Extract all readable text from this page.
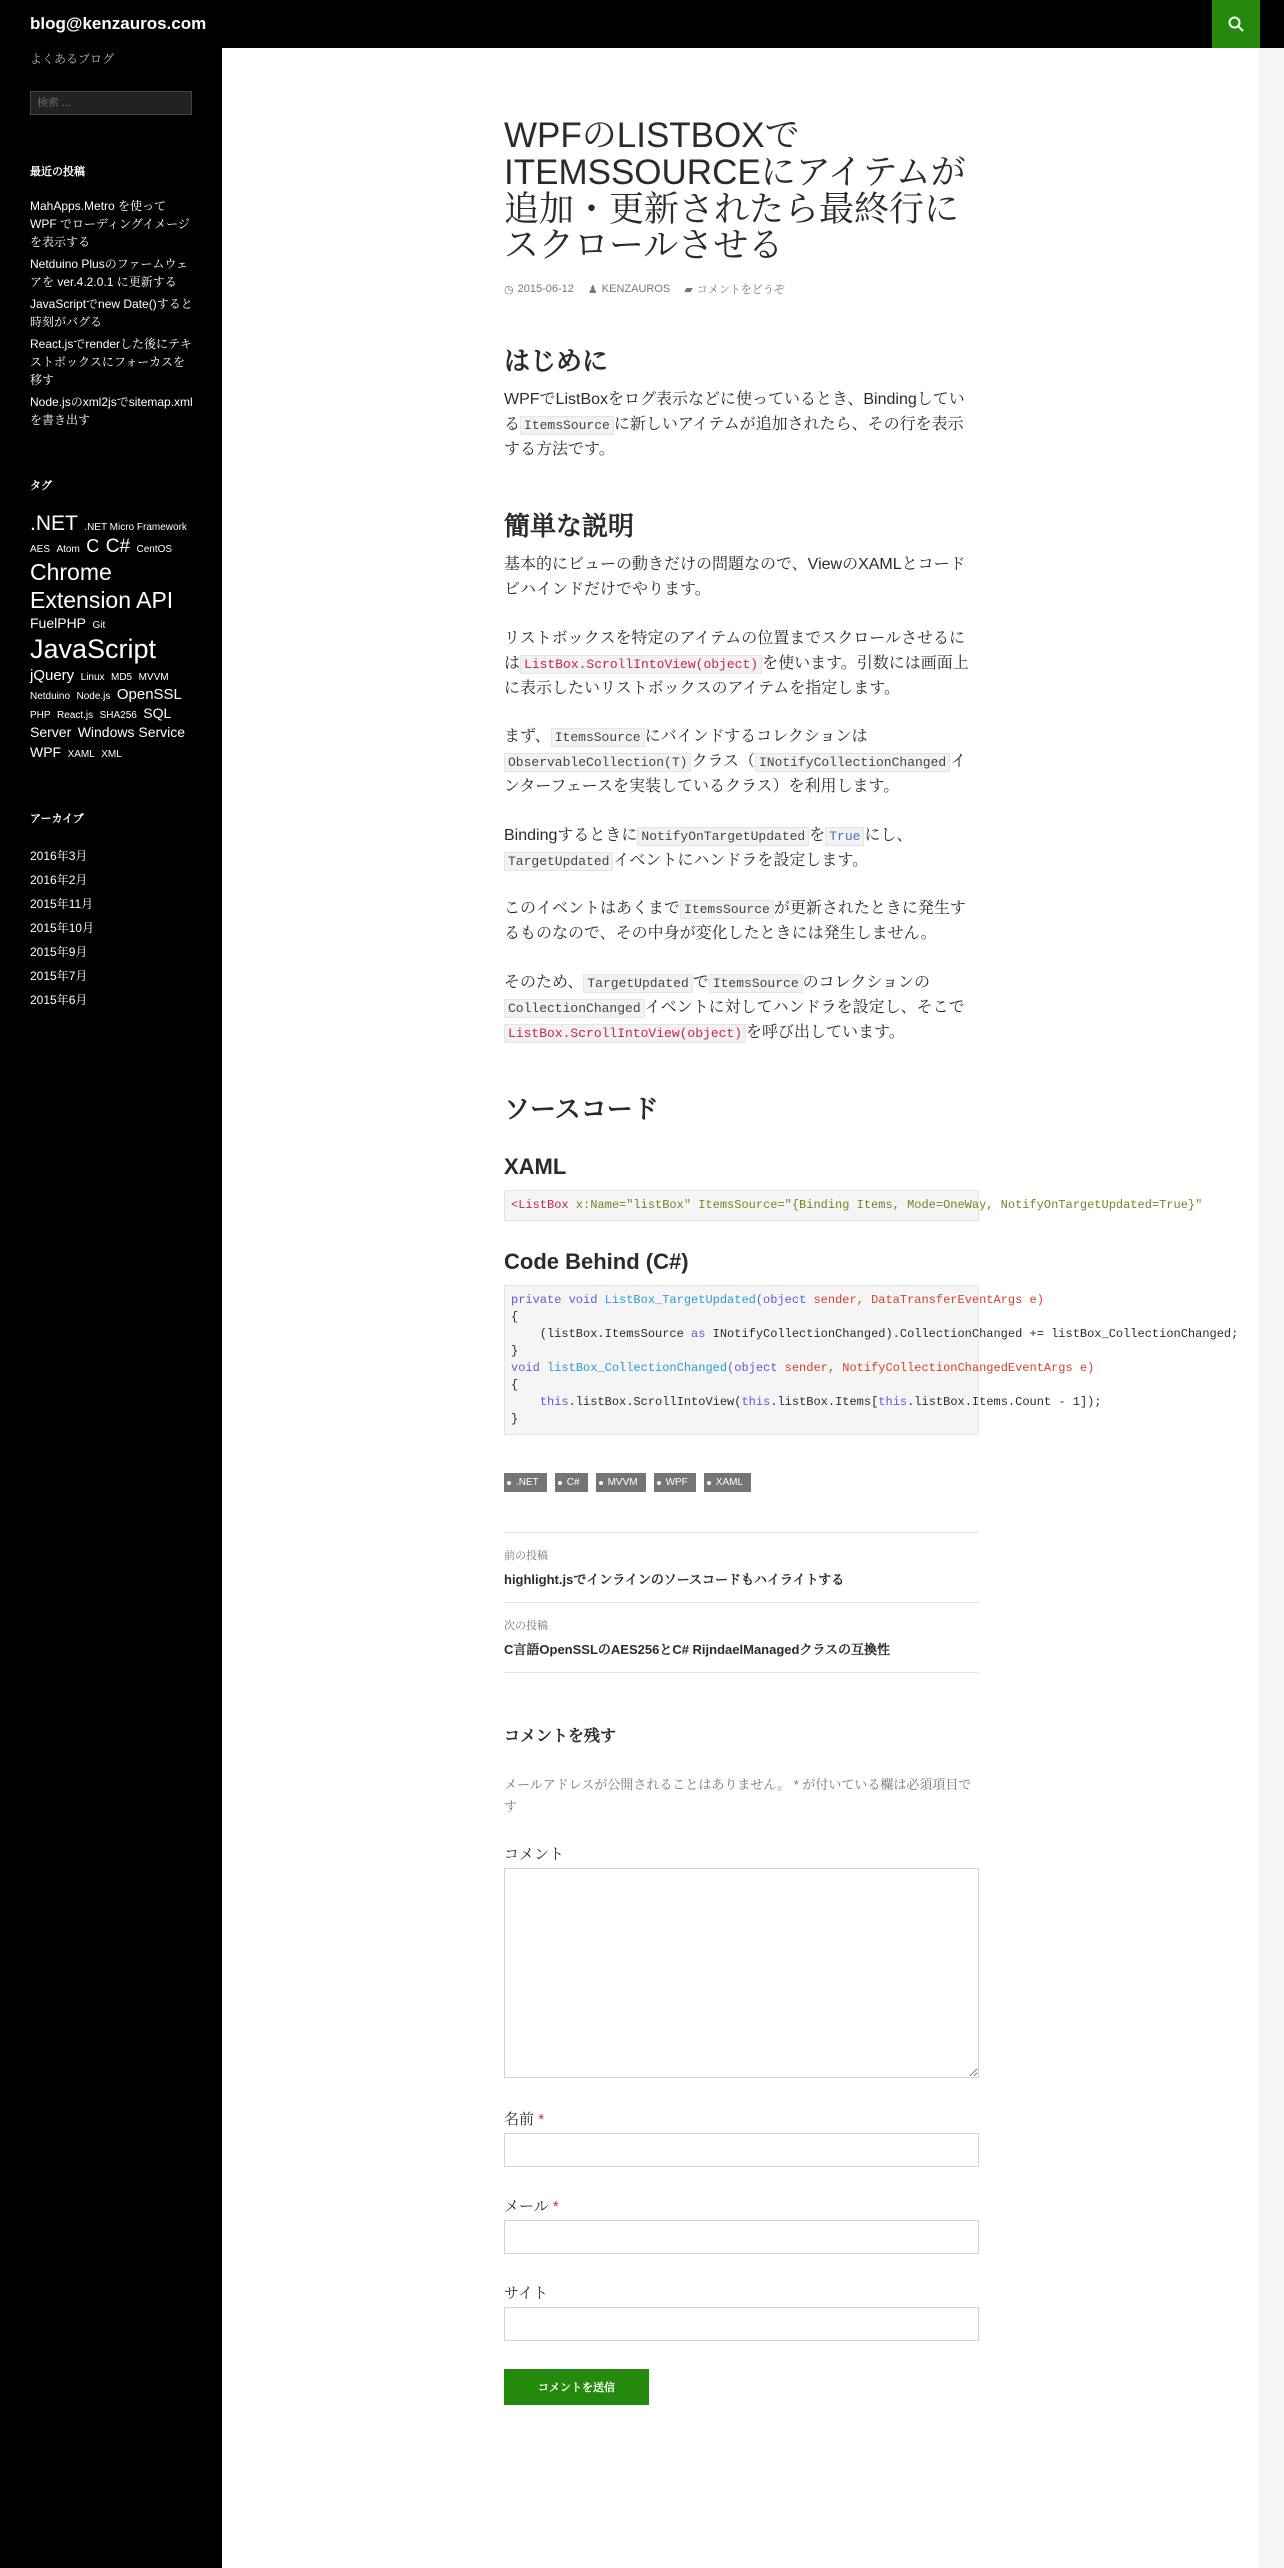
blog@kenzauros.com
よくあるブログ
検索 ...
最近の投稿
MahApps.Metro を使って WPF でローディングイメージを表示する
Netduino Plusのファームウェアを ver.4.2.0.1 に更新する
JavaScriptでnew Date()すると時刻がバグる
React.jsでrenderした後にテキストボックスにフォーカスを移す
Node.jsのxml2jsでsitemap.xmlを書き出す
タグ
.NET .NET Micro Framework AES Atom C C# CentOS Chrome Extension API FuelPHP Git JavaScript jQuery Linux MD5 MVVM Netduino Node.js OpenSSL PHP React.js SHA256 SQL Server Windows Service WPF XAML XML
アーカイブ
2016年3月
2016年2月
2015年11月
2015年10月
2015年9月
2015年7月
2015年6月
WPFのLISTBOXでITEMSSOURCEにアイテムが追加・更新されたら最終行にスクロールさせる
◷ 2015-06-12 ♟ KENZAUROS ▰ コメントをどうぞ
はじめに

WPFでListBoxをログ表示などに使っているとき、Bindingしている ItemsSource に新しいアイテムが追加されたら、その行を表示する方法です。

簡単な説明

基本的にビューの動きだけの問題なので、ViewのXAMLとコードビハインドだけでやります。

リストボックスを特定のアイテムの位置までスクロールさせるには ListBox.ScrollIntoView(object) を使います。引数には画面上に表示したいリストボックスのアイテムを指定します。

まず、 ItemsSource にバインドするコレクションはObservableCollection(T) クラス（ INotifyCollectionChanged インターフェースを実装しているクラス）を利用します。

Bindingするときに NotifyOnTargetUpdated を True にし、TargetUpdated イベントにハンドラを設定します。

このイベントはあくまで ItemsSource が更新されたときに発生するものなので、その中身が変化したときには発生しません。

そのため、 TargetUpdated で ItemsSource のコレクションのCollectionChanged イベントに対してハンドラを設定し、そこでListBox.ScrollIntoView(object) を呼び出しています。

ソースコード
XAML
<ListBox x:Name="listBox" ItemsSource="{Binding Items, Mode=OneWay, NotifyOnTargetUpdated=True}"
Code Behind (C#)
private void ListBox_TargetUpdated(object sender, DataTransferEventArgs e)
{
(listBox.ItemsSource as INotifyCollectionChanged).CollectionChanged += listBox_CollectionChanged;
}
void listBox_CollectionChanged(object sender, NotifyCollectionChangedEventArgs e)
{
this.listBox.ScrollIntoView(this.listBox.Items[this.listBox.Items.Count - 1]);
}
.NET	C#	MVVM	WPF	XAML
前の投稿
highlight.jsでインラインのソースコードもハイライトする
次の投稿
C言語OpenSSLのAES256とC# RijndaelManagedクラスの互換性
コメントを残す
メールアドレスが公開されることはありません。 * が付いている欄は必須項目です
コメント
名前 *
メール *
サイト
コメントを送信
